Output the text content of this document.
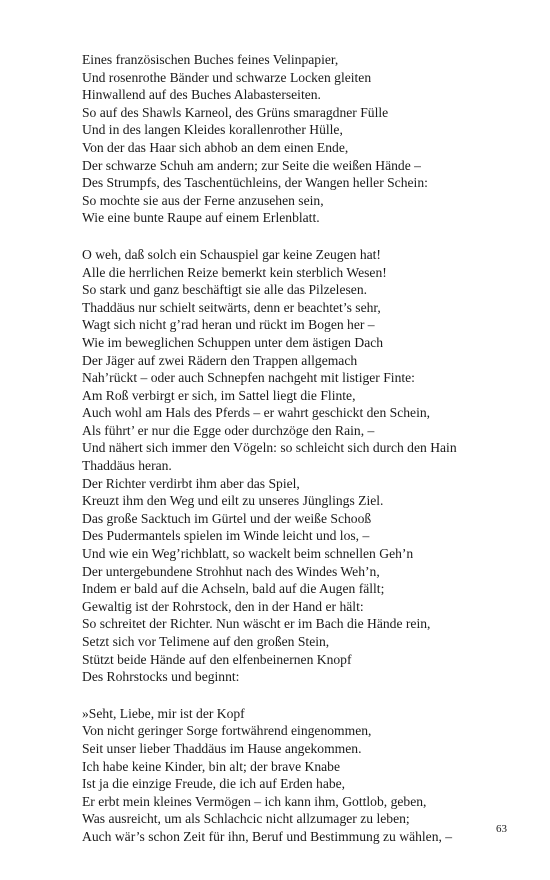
Eines französischen Buches feines Velinpapier,
Und rosenrothe Bänder und schwarze Locken gleiten
Hinwallend auf des Buches Alabasterseiten.
So auf des Shawls Karneol, des Grüns smaragdner Fülle
Und in des langen Kleides korallenrother Hülle,
Von der das Haar sich abhob an dem einen Ende,
Der schwarze Schuh am andern; zur Seite die weißen Hände –
Des Strumpfs, des Taschentüchleins, der Wangen heller Schein:
So mochte sie aus der Ferne anzusehen sein,
Wie eine bunte Raupe auf einem Erlenblatt.
O weh, daß solch ein Schauspiel gar keine Zeugen hat!
Alle die herrlichen Reize bemerkt kein sterblich Wesen!
So stark und ganz beschäftigt sie alle das Pilzelesen.
Thaddäus nur schielt seitwärts, denn er beachtet’s sehr,
Wagt sich nicht g’rad heran und rückt im Bogen her –
Wie im beweglichen Schuppen unter dem ästigen Dach
Der Jäger auf zwei Rädern den Trappen allgemach
Nah’rückt – oder auch Schnepfen nachgeht mit listiger Finte:
Am Roß verbirgt er sich, im Sattel liegt die Flinte,
Auch wohl am Hals des Pferds – er wahrt geschickt den Schein,
Als führt’ er nur die Egge oder durchzöge den Rain, –
Und nähert sich immer den Vögeln: so schleicht sich durch den Hain
Thaddäus heran.
Der Richter verdirbt ihm aber das Spiel,
Kreuzt ihm den Weg und eilt zu unseres Jünglings Ziel.
Das große Sacktuch im Gürtel und der weiße Schooß
Des Pudermantels spielen im Winde leicht und los, –
Und wie ein Weg’richblatt, so wackelt beim schnellen Geh’n
Der untergebundene Strohhut nach des Windes Weh’n,
Indem er bald auf die Achseln, bald auf die Augen fällt;
Gewaltig ist der Rohrstock, den in der Hand er hält:
So schreitet der Richter. Nun wäscht er im Bach die Hände rein,
Setzt sich vor Telimene auf den großen Stein,
Stützt beide Hände auf den elfenbeinernen Knopf
Des Rohrstocks und beginnt:
»Seht, Liebe, mir ist der Kopf
Von nicht geringer Sorge fortwährend eingenommen,
Seit unser lieber Thaddäus im Hause angekommen.
Ich habe keine Kinder, bin alt; der brave Knabe
Ist ja die einzige Freude, die ich auf Erden habe,
Er erbt mein kleines Vermögen – ich kann ihm, Gottlob, geben,
Was ausreicht, um als Schlachcic nicht allzumager zu leben;
Auch wär’s schon Zeit für ihn, Beruf und Bestimmung zu wählen, –	63
